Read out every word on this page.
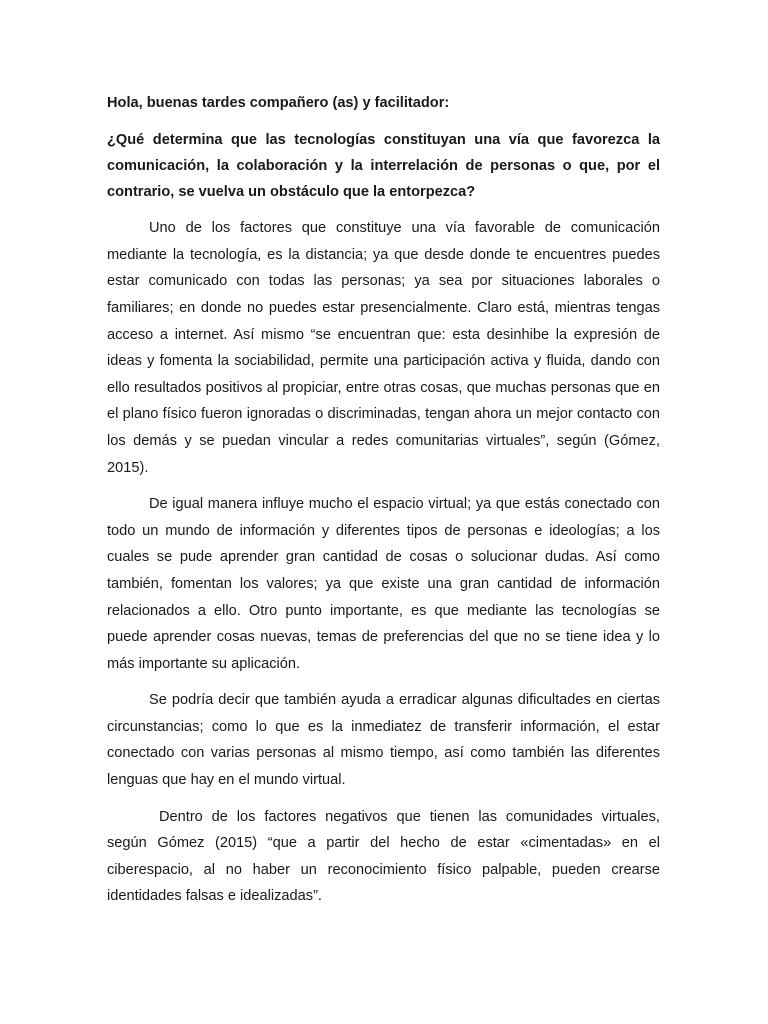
Hola, buenas tardes compañero (as) y facilitador:

¿Qué determina que las tecnologías constituyan una vía que favorezca la comunicación, la colaboración y la interrelación de personas o que, por el contrario, se vuelva un obstáculo que la entorpezca?

Uno de los factores que constituye una vía favorable de comunicación mediante la tecnología, es la distancia; ya que desde donde te encuentres puedes estar comunicado con todas las personas; ya sea por situaciones laborales o familiares; en donde no puedes estar presencialmente. Claro está, mientras tengas acceso a internet. Así mismo “se encuentran que: esta desinhibe la expresión de ideas y fomenta la sociabilidad, permite una participación activa y fluida, dando con ello resultados positivos al propiciar, entre otras cosas, que muchas personas que en el plano físico fueron ignoradas o discriminadas, tengan ahora un mejor contacto con los demás y se puedan vincular a redes comunitarias virtuales”, según (Gómez, 2015).

De igual manera influye mucho el espacio virtual; ya que estás conectado con todo un mundo de información y diferentes tipos de personas e ideologías; a los cuales se pude aprender gran cantidad de cosas o solucionar dudas. Así como también, fomentan los valores; ya que existe una gran cantidad de información relacionados a ello. Otro punto importante, es que mediante las tecnologías se puede aprender cosas nuevas, temas de preferencias del que no se tiene idea y lo más importante su aplicación.

Se podría decir que también ayuda a erradicar algunas dificultades en ciertas circunstancias; como lo que es la inmediatez de transferir información, el estar conectado con varias personas al mismo tiempo, así como también las diferentes lenguas que hay en el mundo virtual.

Dentro de los factores negativos que tienen las comunidades virtuales, según Gómez (2015) “que a partir del hecho de estar «cimentadas» en el ciberespacio, al no haber un reconocimiento físico palpable, pueden crearse identidades falsas e idealizadas”.
